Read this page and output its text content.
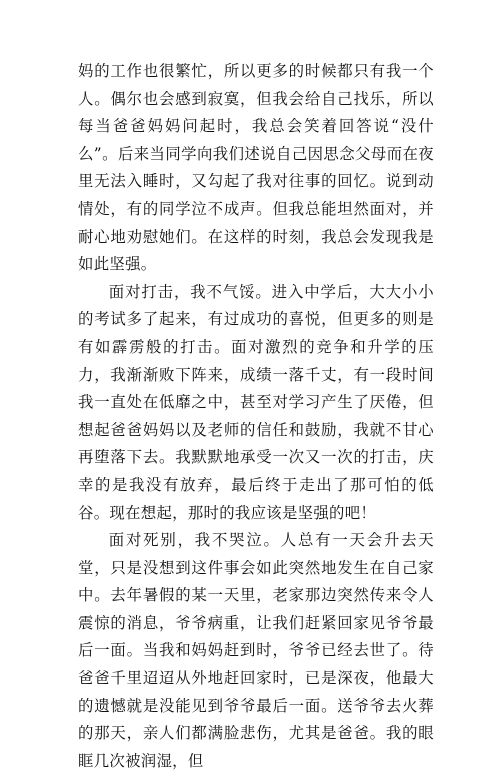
妈的工作也很繁忙，所以更多的时候都只有我一个人。偶尔也会感到寂寞，但我会给自己找乐，所以每当爸爸妈妈问起时，我总会笑着回答说“没什么”。后来当同学向我们述说自己因思念父母而在夜里无法入睡时，又勾起了我对往事的回忆。说到动情处，有的同学泣不成声。但我总能坦然面对，并耐心地劝慰她们。在这样的时刻，我总会发现我是如此坚强。

面对打击，我不气馁。进入中学后，大大小小的考试多了起来，有过成功的喜悦，但更多的则是有如霹雳般的打击。面对激烈的竞争和升学的压力，我渐渐败下阵来，成绩一落千丈，有一段时间我一直处在低靡之中，甚至对学习产生了厌倦，但想起爸爸妈妈以及老师的信任和鼓励，我就不甘心再堕落下去。我默默地承受一次又一次的打击，庆幸的是我没有放弃，最后终于走出了那可怕的低谷。现在想起，那时的我应该是坚强的吧！

面对死别，我不哭泣。人总有一天会升去天堂，只是没想到这件事会如此突然地发生在自己家中。去年暑假的某一天里，老家那边突然传来令人震惊的消息，爷爷病重，让我们赶紧回家见爷爷最后一面。当我和妈妈赶到时，爷爷已经去世了。待爸爸千里迢迢从外地赶回家时，已是深夜，他最大的遗憾就是没能见到爷爷最后一面。送爷爷去火葬的那天，亲人们都满脸悲伤，尤其是爸爸。我的眼眶几次被润湿，但
